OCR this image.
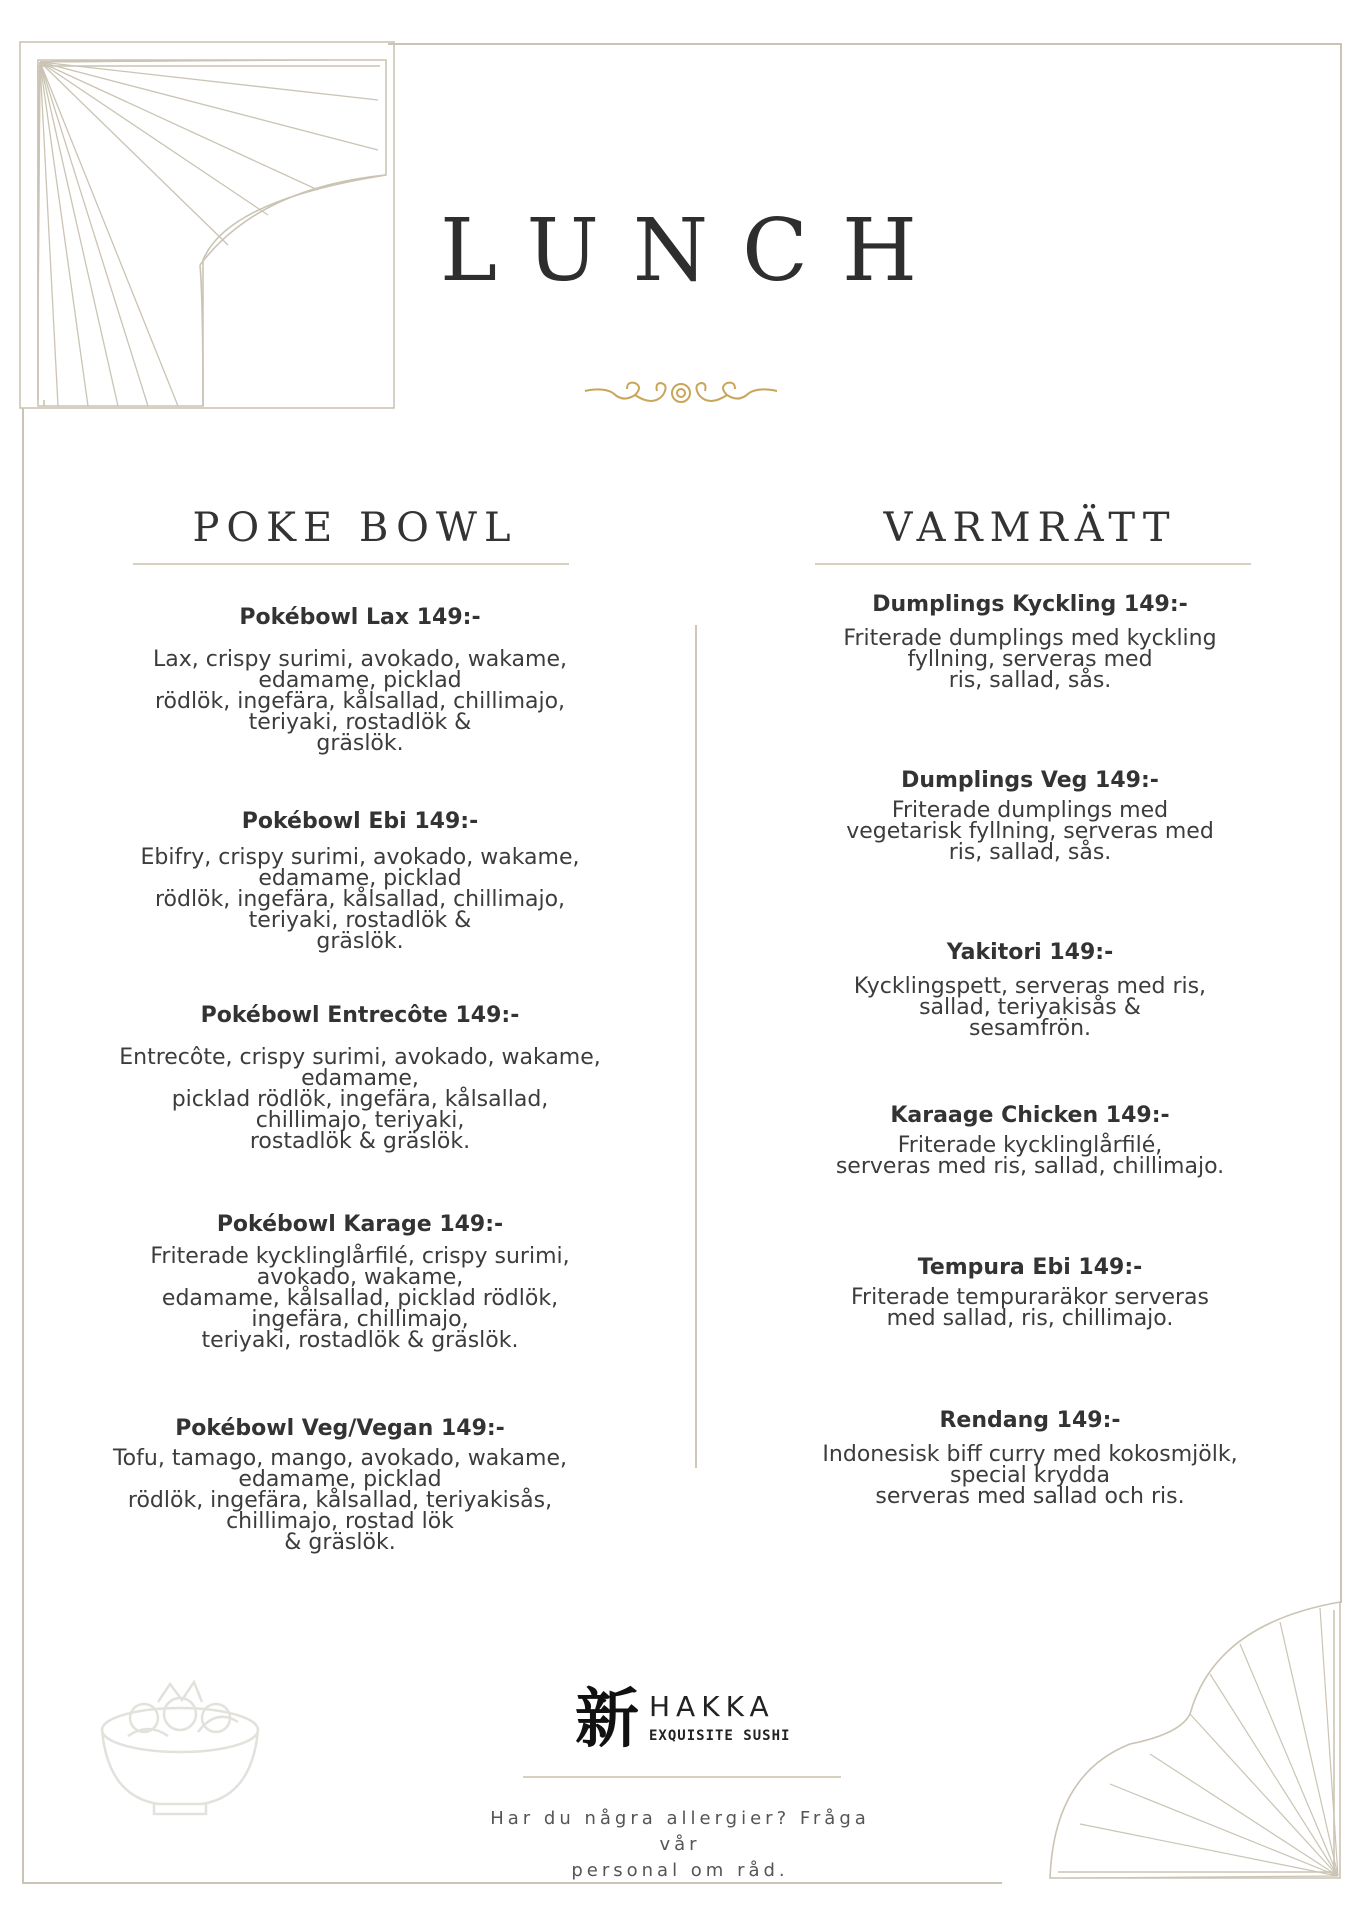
LUNCH
POKE BOWL	VARMRÄTT

Pokébowl Lax 149:-

Lax, crispy surimi, avokado, wakame,
edamame, picklad
rödlök, ingefära, kålsallad, chillimajo,
teriyaki, rostadlök &
gräslök.

Pokébowl Ebi 149:-

Ebifry, crispy surimi, avokado, wakame,
edamame, picklad
rödlök, ingefära, kålsallad, chillimajo,
teriyaki, rostadlök &
gräslök.

Pokébowl Entrecôte 149:-

Entrecôte, crispy surimi, avokado, wakame,
edamame,
picklad rödlök, ingefära, kålsallad,
chillimajo, teriyaki,
rostadlök & gräslök.

Pokébowl Karage 149:-

Friterade kycklinglårfilé, crispy surimi,
avokado, wakame,
edamame, kålsallad, picklad rödlök,
ingefära, chillimajo,
teriyaki, rostadlök & gräslök.

Pokébowl Veg/Vegan 149:-

Tofu, tamago, mango, avokado, wakame,
edamame, picklad
rödlök, ingefära, kålsallad, teriyakisås,
chillimajo, rostad lök
& gräslök.

Dumplings Kyckling 149:-

Friterade dumplings med kyckling
fyllning, serveras med
ris, sallad, sås.

Dumplings Veg 149:-

Friterade dumplings med
vegetarisk fyllning, serveras med
ris, sallad, sås.

Yakitori 149:-

Kycklingspett, serveras med ris,
sallad, teriyakisås &
sesamfrön.

Karaage Chicken 149:-

Friterade kycklinglårfilé,
serveras med ris, sallad, chillimajo.

Tempura Ebi 149:-

Friterade tempuraräkor serveras
med sallad, ris, chillimajo.

Rendang 149:-

Indonesisk biff curry med kokosmjölk,
special krydda
serveras med sallad och ris.

新 HAKKA
EXQUISITE SUSHI
Har du några allergier? Fråga vår
personal om råd.
